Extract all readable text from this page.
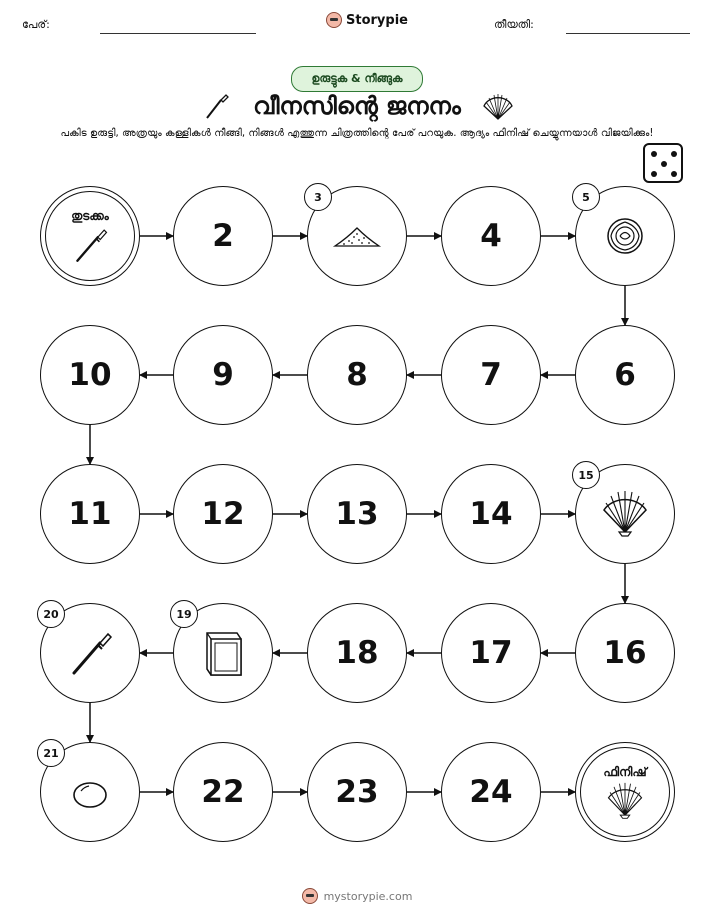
പേര്:	Storypie	തീയതി:
ഉരുട്ടുക & നീങ്ങുക
വീനസിന്റെ ജനനം
പകിട ഉരുട്ടി, അത്രയും കള്ളികൾ നീങ്ങി, നിങ്ങൾ എത്തുന്ന ചിത്രത്തിന്റെ പേര് പറയുക. ആദ്യം ഫിനിഷ് ചെയ്യുന്നയാൾ വിജയിക്കും!
തുടക്കം
2
3
4
5
6
7
8
9
10
11	12	13	14
15
16
17
18
19
20
21
22	23	24
ഫിനിഷ്
mystorypie.com
